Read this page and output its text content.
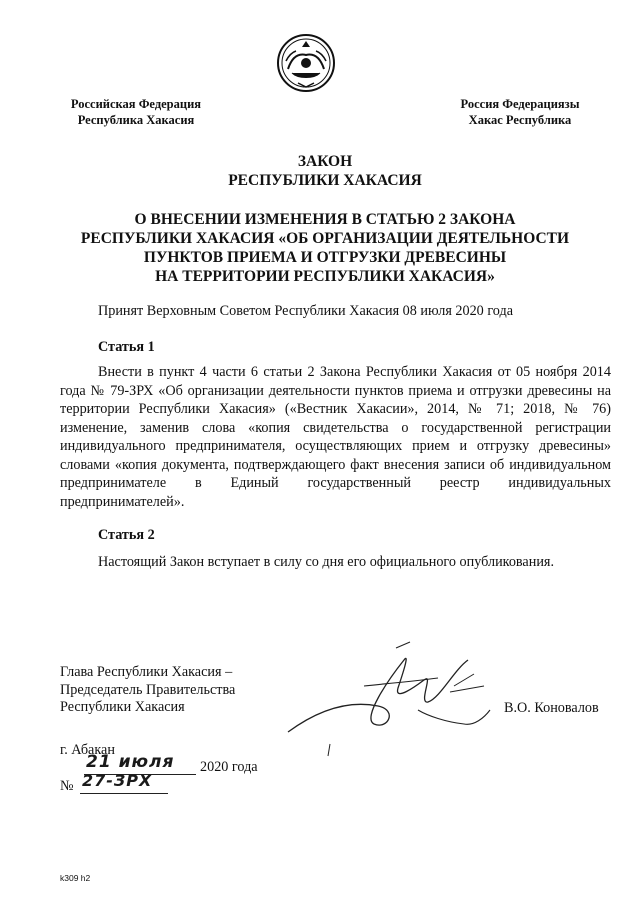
Российская Федерация
Республика Хакасия
Россия Федерациязы
Хакас Республика
ЗАКОН
РЕСПУБЛИКИ ХАКАСИЯ
О ВНЕСЕНИИ ИЗМЕНЕНИЯ В СТАТЬЮ 2 ЗАКОНА
РЕСПУБЛИКИ ХАКАСИЯ «ОБ ОРГАНИЗАЦИИ ДЕЯТЕЛЬНОСТИ
ПУНКТОВ ПРИЕМА И ОТГРУЗКИ ДРЕВЕСИНЫ
НА ТЕРРИТОРИИ РЕСПУБЛИКИ ХАКАСИЯ»
Принят Верховным Советом Республики Хакасия 08 июля 2020 года
Статья 1

Внести в пункт 4 части 6 статьи 2 Закона Республики Хакасия от 05 ноября 2014 года № 79-ЗРХ «Об организации деятельности пунктов приема и отгрузки древесины на территории Республики Хакасия» («Вестник Хакасии», 2014, № 71; 2018, № 76) изменение, заменив слова «копия свидетельства о государственной регистрации индивидуального предпринимателя, осуществляющих прием и отгрузку древесины» словами «копия документа, подтверждающего факт внесения записи об индивидуальном предпринимателе в Единый государственный реестр индивидуальных предпринимателей».

Статья 2
Настоящий Закон вступает в силу со дня его официального опубликования.
Глава Республики Хакасия –
Председатель Правительства
Республики Хакасия	В.О. Коновалов
г. Абакан
21 июля 2020 года
№ 27-ЗРХ
k309 h2
